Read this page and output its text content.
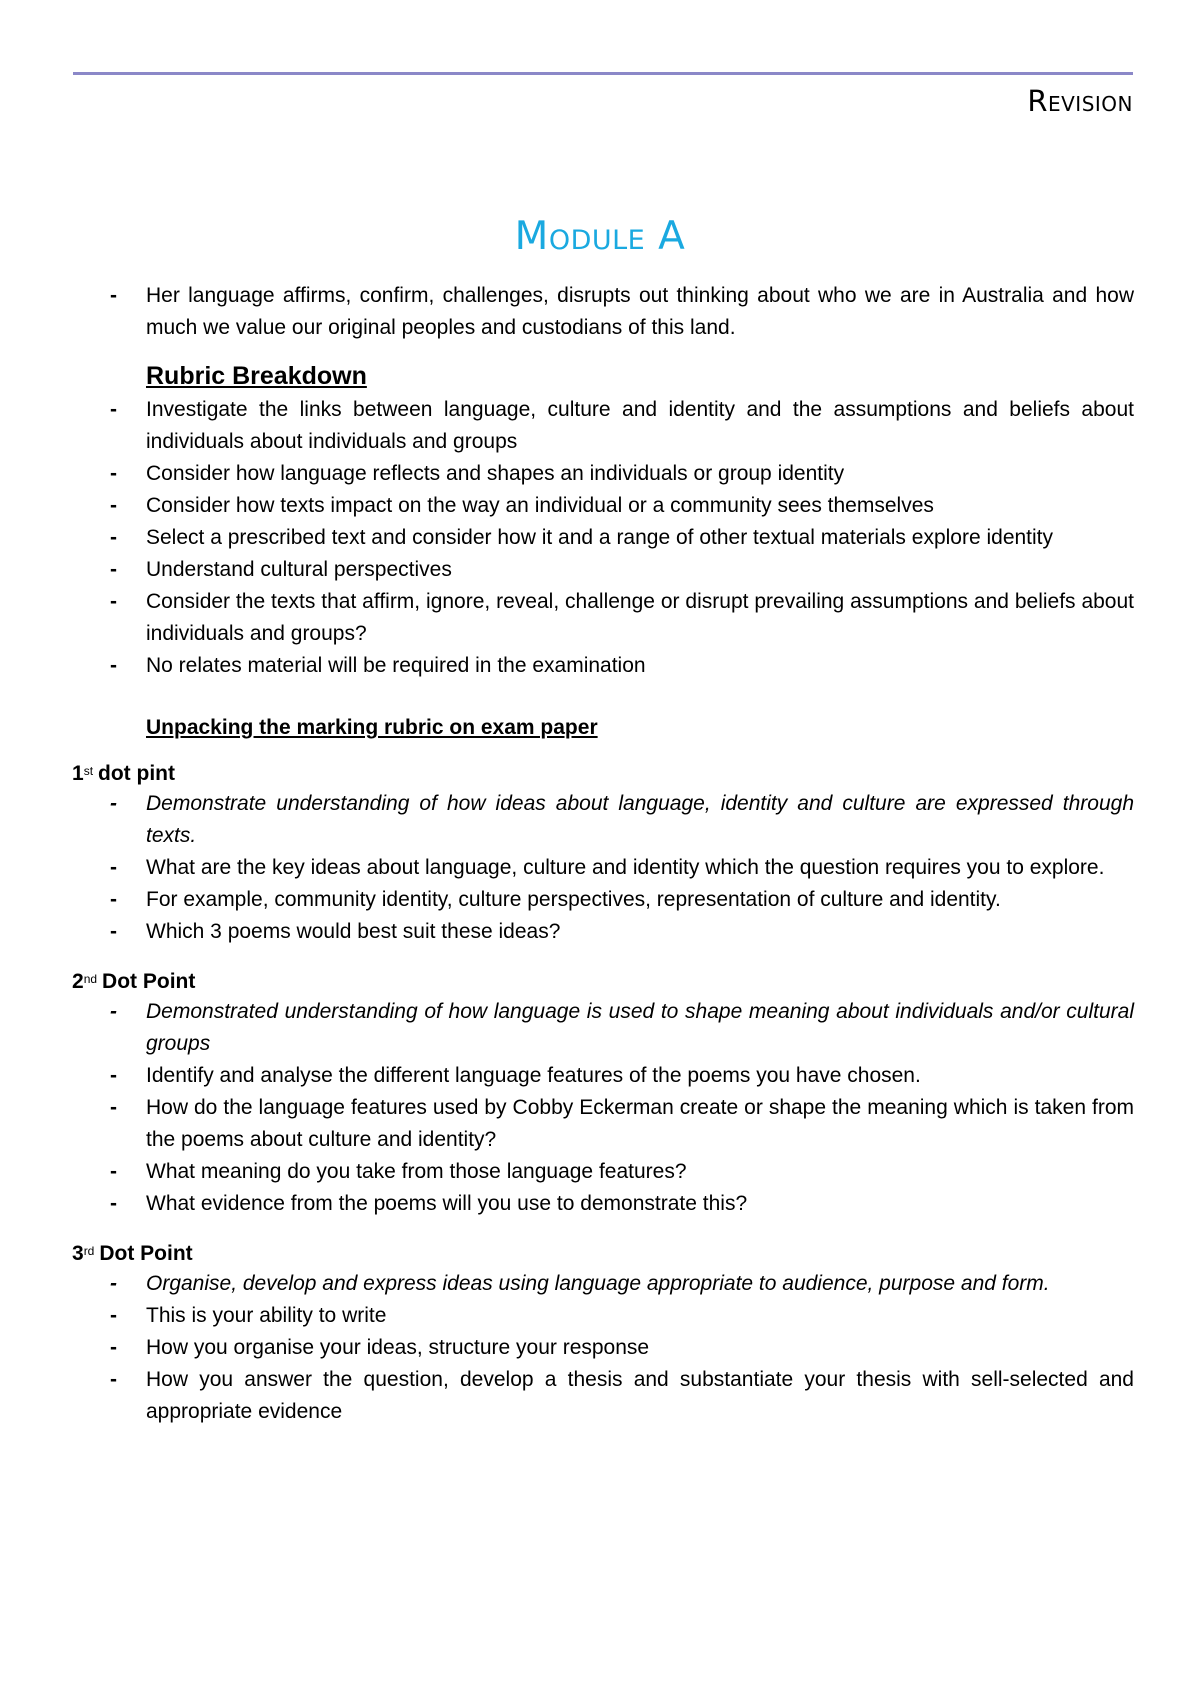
Revision
Module A
- Her language affirms, confirm, challenges, disrupts out thinking about who we are in Australia and how much we value our original peoples and custodians of this land.
Rubric Breakdown
- Investigate the links between language, culture and identity and the assumptions and beliefs about individuals about individuals and groups
- Consider how language reflects and shapes an individuals or group identity
- Consider how texts impact on the way an individual or a community sees themselves
- Select a prescribed text and consider how it and a range of other textual materials explore identity
- Understand cultural perspectives
- Consider the texts that affirm, ignore, reveal, challenge or disrupt prevailing assumptions and beliefs about individuals and groups?
- No relates material will be required in the examination
Unpacking the marking rubric on exam paper
1st dot pint
- Demonstrate understanding of how ideas about language, identity and culture are expressed through texts.
- What are the key ideas about language, culture and identity which the question requires you to explore.
- For example, community identity, culture perspectives, representation of culture and identity.
- Which 3 poems would best suit these ideas?
2nd Dot Point
- Demonstrated understanding of how language is used to shape meaning about individuals and/or cultural groups
- Identify and analyse the different language features of the poems you have chosen.
- How do the language features used by Cobby Eckerman create or shape the meaning which is taken from the poems about culture and identity?
- What meaning do you take from those language features?
- What evidence from the poems will you use to demonstrate this?
3rd Dot Point
- Organise, develop and express ideas using language appropriate to audience, purpose and form.
- This is your ability to write
- How you organise your ideas, structure your response
- How you answer the question, develop a thesis and substantiate your thesis with sell-selected and appropriate evidence
